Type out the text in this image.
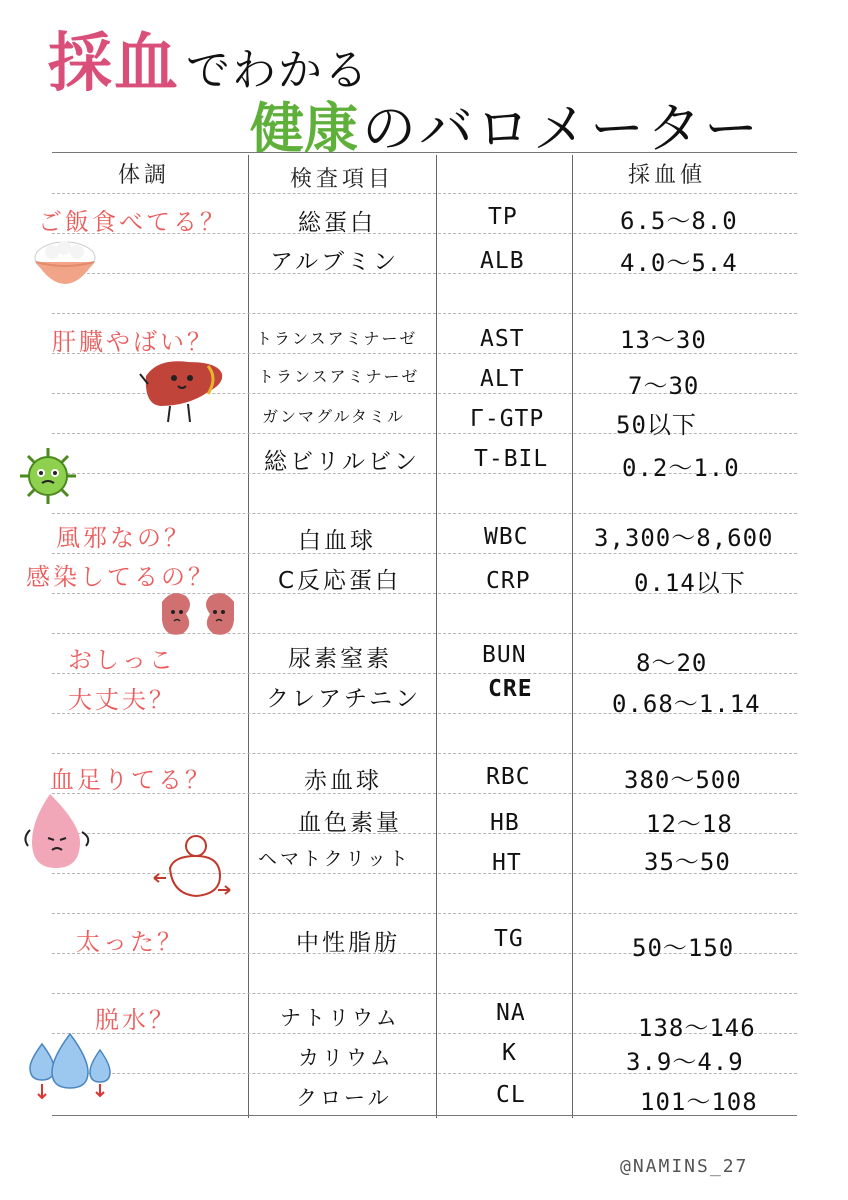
採血 でわかる
健康のバロメーター
体調	検査項目	採血値
ご飯食べてる？
肝臓やばい？
風邪なの？
感染してるの？
おしっこ
大丈夫？
血足りてる？
太った？
脱水？
総蛋白
アルブミン
トランスアミナーゼ
トランスアミナーゼ
ガンマグルタミル
総ビリルビン
白血球
C反応蛋白
尿素窒素
クレアチニン
赤血球
血色素量
ヘマトクリット
中性脂肪
ナトリウム
カリウム
クロール
TP
ALB
AST
ALT
Γ-GTP
T-BIL
WBC
CRP
BUN
CRE
RBC
HB
HT
TG
NA
K
CL
6.5〜8.0
4.0〜5.4
13〜30
7〜30
50以下
0.2〜1.0
3,300〜8,600
0.14以下
8〜20
0.68〜1.14
380〜500
12〜18
35〜50
50〜150
138〜146
3.9〜4.9
101〜108
@NAMINS_27
